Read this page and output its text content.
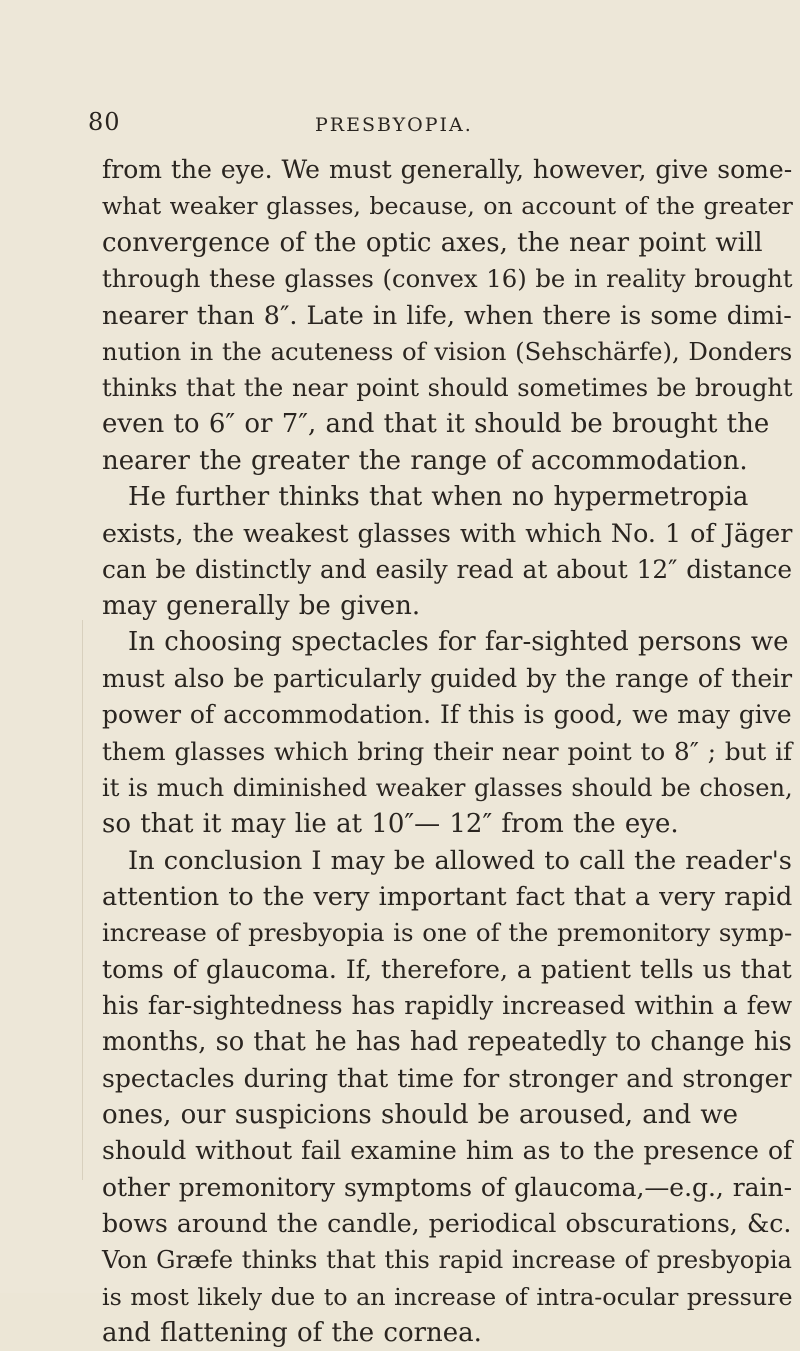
80	PRESBYOPIA.
from the eye. We must generally, however, give some-
what weaker glasses, because, on account of the greater
convergence of the optic axes, the near point will
through these glasses (convex 16) be in reality brought
nearer than 8″. Late in life, when there is some dimi-
nution in the acuteness of vision (Sehschärfe), Donders
thinks that the near point should sometimes be brought
even to 6″ or 7″, and that it should be brought the
nearer the greater the range of accommodation.
He further thinks that when no hypermetropia
exists, the weakest glasses with which No. 1 of Jäger
can be distinctly and easily read at about 12″ distance
may generally be given.
In choosing spectacles for far-sighted persons we
must also be particularly guided by the range of their
power of accommodation. If this is good, we may give
them glasses which bring their near point to 8″ ; but if
it is much diminished weaker glasses should be chosen,
so that it may lie at 10″— 12″ from the eye.
In conclusion I may be allowed to call the reader's
attention to the very important fact that a very rapid
increase of presbyopia is one of the premonitory symp-
toms of glaucoma. If, therefore, a patient tells us that
his far-sightedness has rapidly increased within a few
months, so that he has had repeatedly to change his
spectacles during that time for stronger and stronger
ones, our suspicions should be aroused, and we
should without fail examine him as to the presence of
other premonitory symptoms of glaucoma,—e.g., rain-
bows around the candle, periodical obscurations, &c.
Von Græfe thinks that this rapid increase of presbyopia
is most likely due to an increase of intra-ocular pressure
and flattening of the cornea.
